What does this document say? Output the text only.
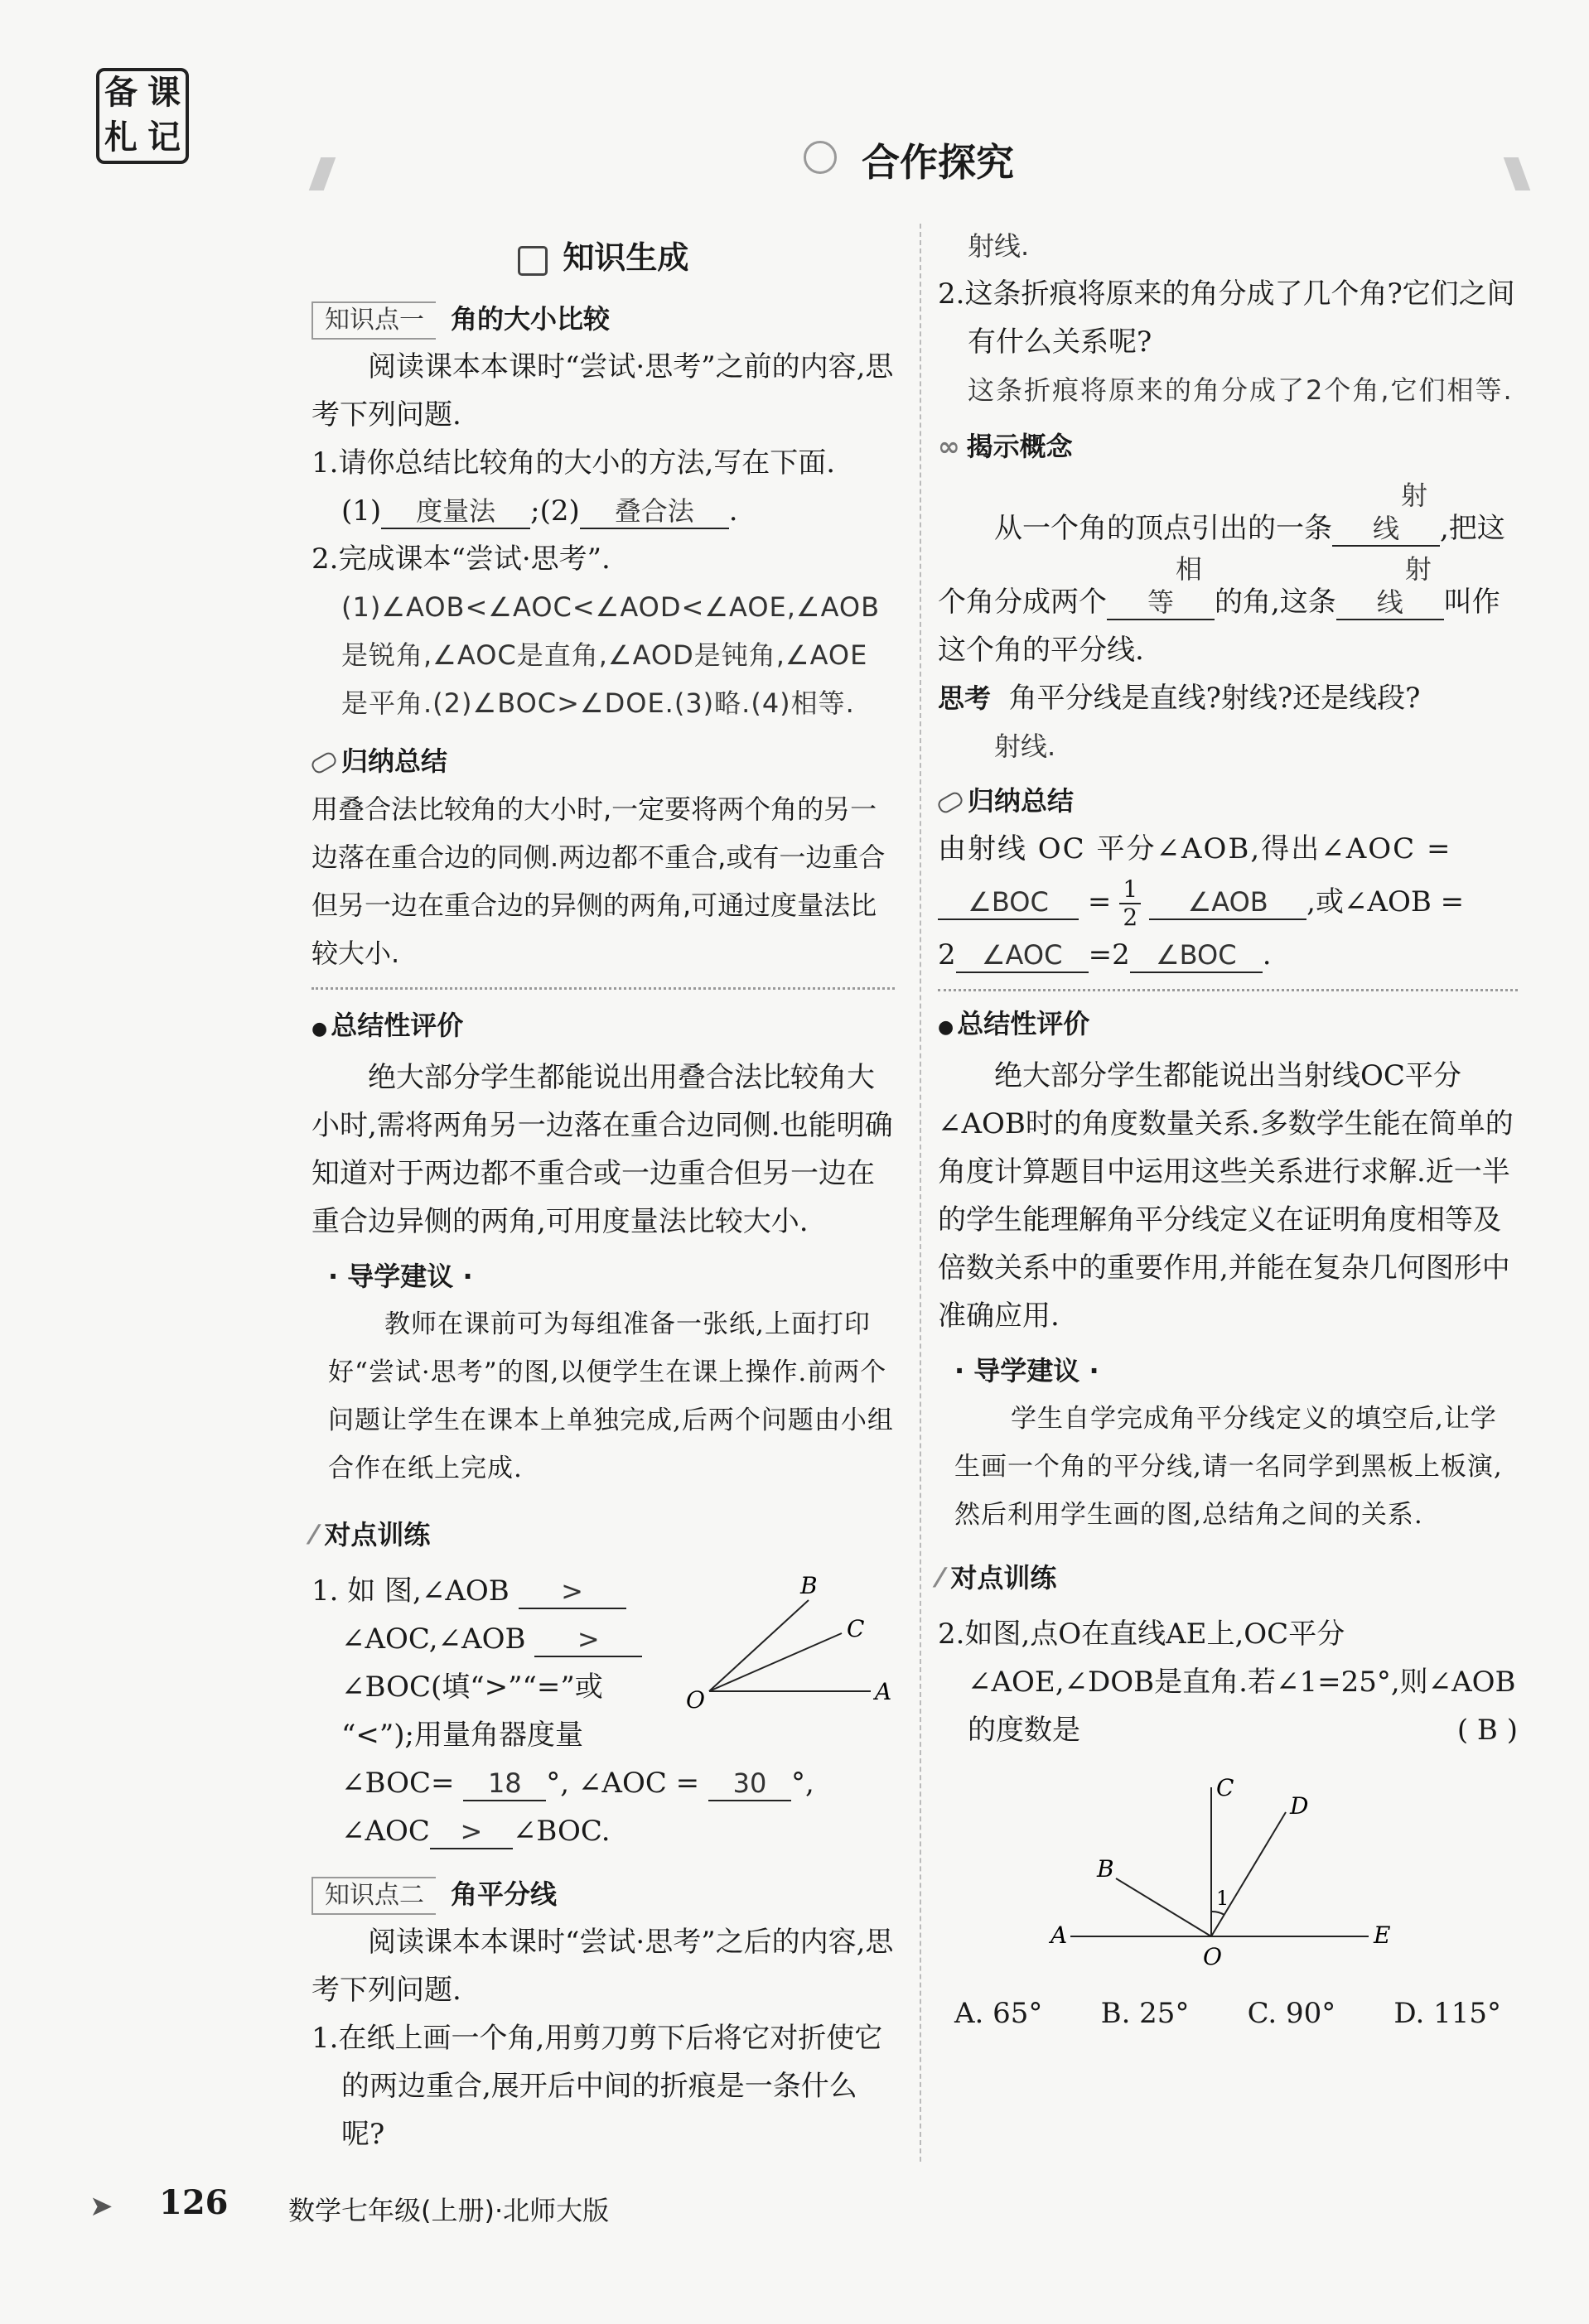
备 课
札 记
合作探究
知识生成
知识点一 角的大小比较

阅读课本本课时“尝试·思考”之前的内容,思考下列问题.

1.请你总结比较角的大小的方法,写在下面.

(1) 度量法 ;(2) 叠合法 .

2.完成课本“尝试·思考”.

(1)∠AOB<∠AOC<∠AOD<∠AOE,∠AOB是锐角,∠AOC是直角,∠AOD是钝角,∠AOE是平角.(2)∠BOC>∠DOE.(3)略.(4)相等.

归纳总结

用叠合法比较角的大小时,一定要将两个角的另一边落在重合边的同侧.两边都不重合,或有一边重合但另一边在重合边的异侧的两角,可通过度量法比较大小.

● 总结性评价

绝大部分学生都能说出用叠合法比较角大小时,需将两角另一边落在重合边同侧.也能明确知道对于两边都不重合或一边重合但另一边在重合边异侧的两角,可用度量法比较大小.

· 导学建议 ·

教师在课前可为每组准备一张纸,上面打印好“尝试·思考”的图,以便学生在课上操作.前两个问题让学生在课本上单独完成,后两个问题由小组合作在纸上完成.

⁄ 对点训练

1. 如 图,∠AOB >

∠AOC,∠AOB >

∠BOC(填“>”“=”或

“<”);用量角器度量

∠BOC= 18 °, ∠AOC = 30 °,

∠AOC > ∠BOC.

B
C
O	A
知识点二 角平分线

阅读课本本课时“尝试·思考”之后的内容,思考下列问题.

1.在纸上画一个角,用剪刀剪下后将它对折使它的两边重合,展开后中间的折痕是一条什么呢?

射线.

2.这条折痕将原来的角分成了几个角?它们之间有什么关系呢?

这条折痕将原来的角分成了2个角,它们相等.

∞ 揭示概念

从一个角的顶点引出的一条射线 ,把这个角分成两个相等 的角,这条射线 叫作这个角的平分线.

思考 角平分线是直线?射线?还是线段?

射线.

归纳总结

由射线 OC 平分∠AOB,得出∠AOC =

∠BOC = $\frac{1}{2}$ ∠AOB ,或∠AOB =

2 ∠AOC =2 ∠BOC .

● 总结性评价

绝大部分学生都能说出当射线OC平分∠AOB时的角度数量关系.多数学生能在简单的角度计算题目中运用这些关系进行求解.近一半的学生能理解角平分线定义在证明角度相等及倍数关系中的重要作用,并能在复杂几何图形中准确应用.

· 导学建议 ·

学生自学完成角平分线定义的填空后,让学生画一个角的平分线,请一名同学到黑板上板演,然后利用学生画的图,总结角之间的关系.

⁄ 对点训练

2.如图,点O在直线AE上,OC平分∠AOE,∠DOB是直角.若∠1=25°,则∠AOB的度数是	( B )

C
D
B
1
A
O
E
A. 65° B. 25° C. 90° D. 115°
➤ 126 数学七年级(上册)·北师大版
